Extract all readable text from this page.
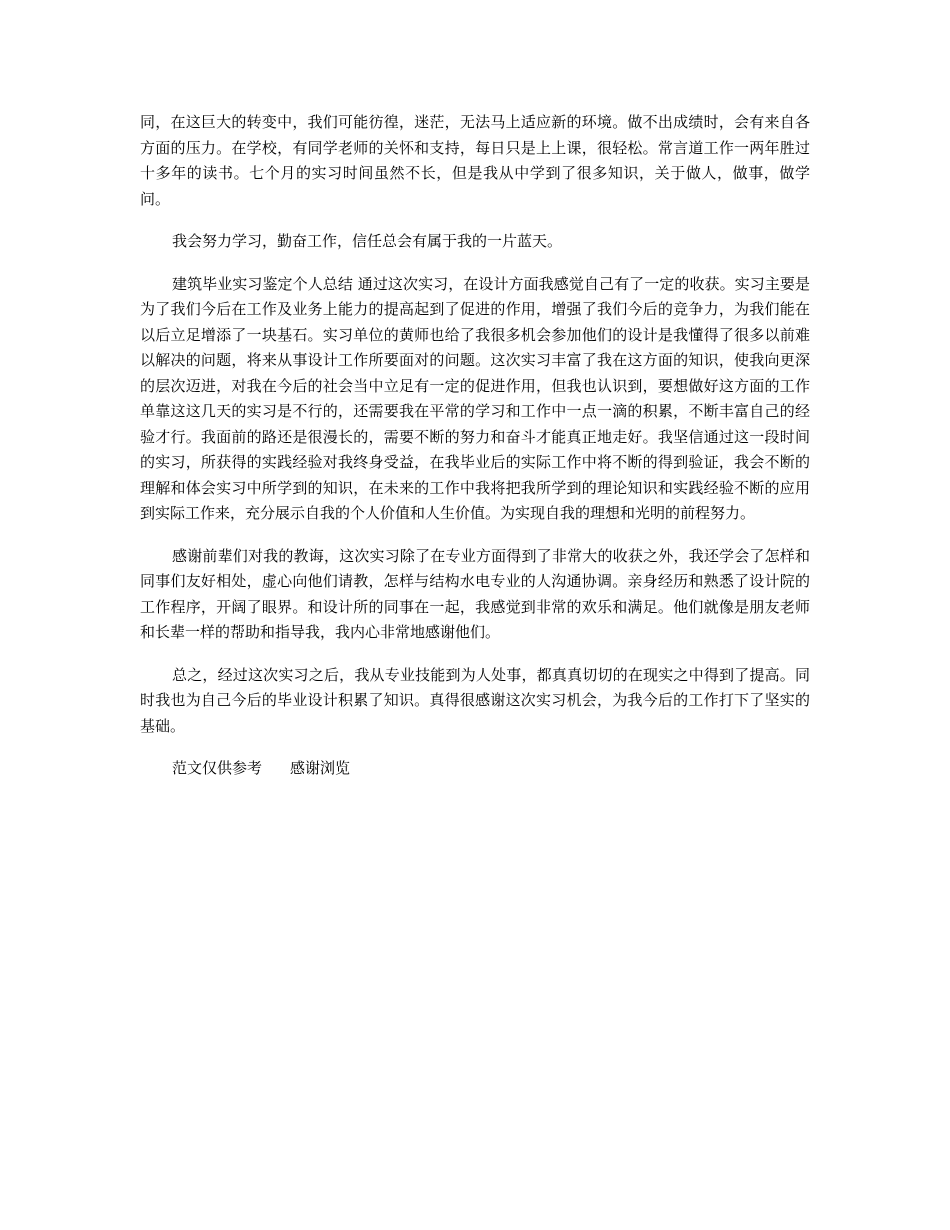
同，在这巨大的转变中，我们可能彷徨，迷茫，无法马上适应新的环境。做不出成绩时，会有来自各方面的压力。在学校，有同学老师的关怀和支持，每日只是上上课，很轻松。常言道工作一两年胜过十多年的读书。七个月的实习时间虽然不长，但是我从中学到了很多知识，关于做人，做事，做学问。

我会努力学习，勤奋工作，信任总会有属于我的一片蓝天。

建筑毕业实习鉴定个人总结 通过这次实习，在设计方面我感觉自己有了一定的收获。实习主要是为了我们今后在工作及业务上能力的提高起到了促进的作用，增强了我们今后的竞争力，为我们能在以后立足增添了一块基石。实习单位的黄师也给了我很多机会参加他们的设计是我懂得了很多以前难以解决的问题，将来从事设计工作所要面对的问题。这次实习丰富了我在这方面的知识，使我向更深的层次迈进，对我在今后的社会当中立足有一定的促进作用，但我也认识到，要想做好这方面的工作单靠这这几天的实习是不行的，还需要我在平常的学习和工作中一点一滴的积累，不断丰富自己的经验才行。我面前的路还是很漫长的，需要不断的努力和奋斗才能真正地走好。我坚信通过这一段时间的实习，所获得的实践经验对我终身受益，在我毕业后的实际工作中将不断的得到验证，我会不断的理解和体会实习中所学到的知识，在未来的工作中我将把我所学到的理论知识和实践经验不断的应用到实际工作来，充分展示自我的个人价值和人生价值。为实现自我的理想和光明的前程努力。

感谢前辈们对我的教诲，这次实习除了在专业方面得到了非常大的收获之外，我还学会了怎样和同事们友好相处，虚心向他们请教，怎样与结构水电专业的人沟通协调。亲身经历和熟悉了设计院的工作程序，开阔了眼界。和设计所的同事在一起，我感觉到非常的欢乐和满足。他们就像是朋友老师和长辈一样的帮助和指导我，我内心非常地感谢他们。

总之，经过这次实习之后，我从专业技能到为人处事，都真真切切的在现实之中得到了提高。同时我也为自己今后的毕业设计积累了知识。真得很感谢这次实习机会，为我今后的工作打下了坚实的基础。

范文仅供参考 感谢浏览
